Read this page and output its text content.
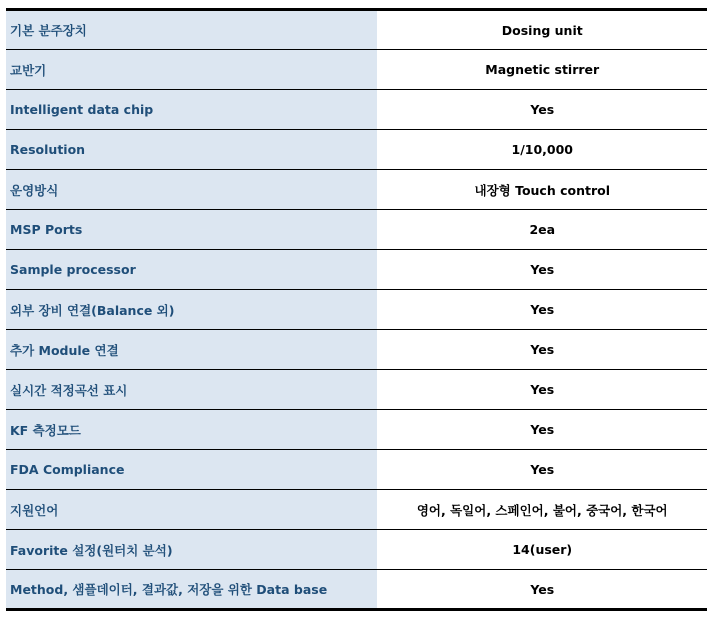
기본 분주장치	Dosing unit
교반기	Magnetic stirrer
Intelligent data chip	Yes
Resolution	1/10,000
운영방식	내장형 Touch control
MSP Ports	2ea
Sample processor	Yes
외부 장비 연결(Balance 외)	Yes
추가 Module 연결	Yes
실시간 적정곡선 표시	Yes
KF 측정모드	Yes
FDA Compliance	Yes
지원언어	영어, 독일어, 스페인어, 불어, 중국어, 한국어
Favorite 설정(원터치 분석)	14(user)
Method, 샘플데이터, 결과값, 저장을 위한 Data base	Yes
